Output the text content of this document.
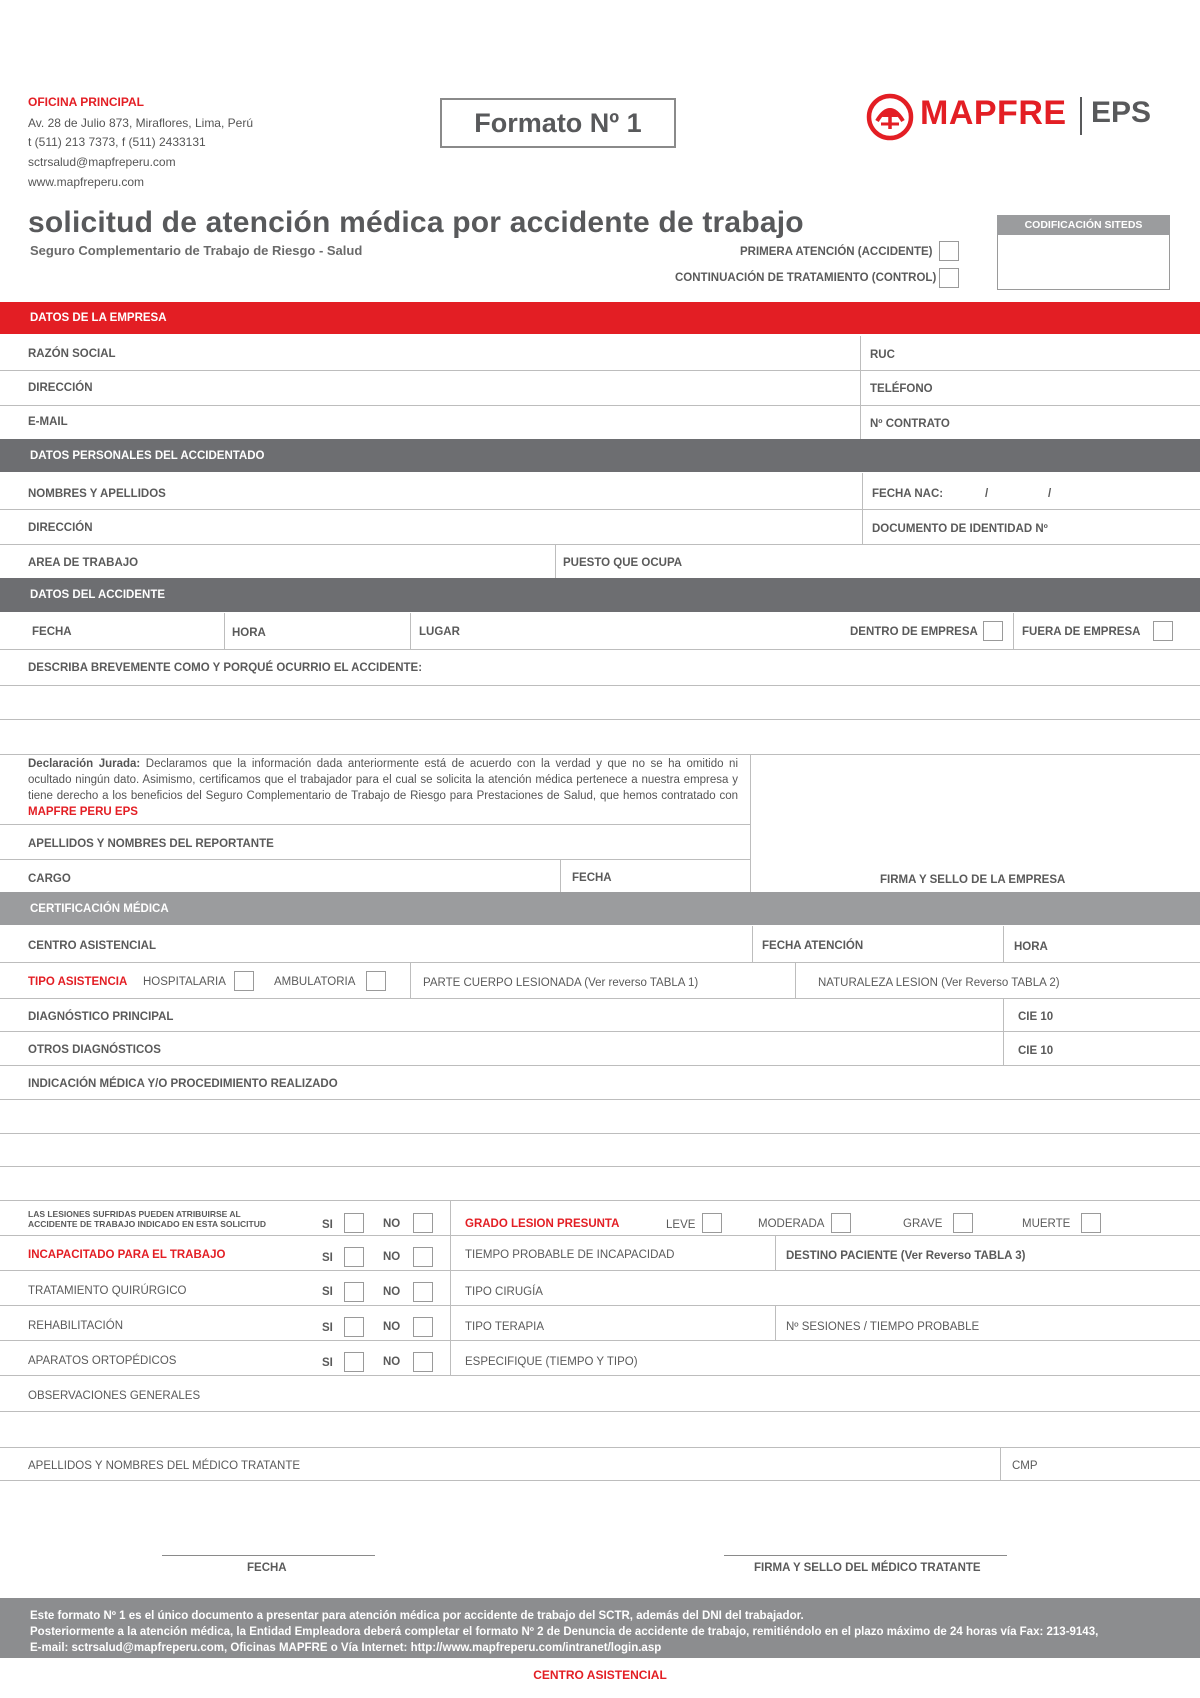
OFICINA PRINCIPAL
Av. 28 de Julio 873, Miraflores, Lima, Perú
t (511) 213 7373, f (511) 2433131
sctrsalud@mapfreperu.com
www.mapfreperu.com
Formato Nº 1	MAPFRE EPS
solicitud de atención médica por accidente de trabajo
Seguro Complementario de Trabajo de Riesgo - Salud	PRIMERA ATENCIÓN (ACCIDENTE)
CONTINUACIÓN DE TRATAMIENTO (CONTROL)
CODIFICACIÓN SITEDS
DATOS DE LA EMPRESA
RAZÓN SOCIAL	RUC
DIRECCIÓN	TELÉFONO
E-MAIL	Nº CONTRATO
DATOS PERSONALES DEL ACCIDENTADO
NOMBRES Y APELLIDOS	FECHA NAC:	/	/
DIRECCIÓN	DOCUMENTO DE IDENTIDAD Nº
AREA DE TRABAJO	PUESTO QUE OCUPA
DATOS DEL ACCIDENTE
FECHA	HORA	LUGAR	DENTRO DE EMPRESA	FUERA DE EMPRESA
DESCRIBA BREVEMENTE COMO Y PORQUÉ OCURRIO EL ACCIDENTE:
Declaración Jurada: Declaramos que la información dada anteriormente está de acuerdo con la verdad y que no se ha omitido ni ocultado ningún dato. Asimismo, certificamos que el trabajador para el cual se solicita la atención médica pertenece a nuestra empresa y tiene derecho a los beneficios del Seguro Complementario de Trabajo de Riesgo para Prestaciones de Salud, que hemos contratado con MAPFRE PERU EPS
APELLIDOS Y NOMBRES DEL REPORTANTE
CARGO	FECHA	FIRMA Y SELLO DE LA EMPRESA
CERTIFICACIÓN MÉDICA
CENTRO ASISTENCIAL	FECHA ATENCIÓN	HORA
TIPO ASISTENCIA HOSPITALARIA	AMBULATORIA	PARTE CUERPO LESIONADA (Ver reverso TABLA 1)	NATURALEZA LESION (Ver Reverso TABLA 2)
DIAGNÓSTICO PRINCIPAL	CIE 10
OTROS DIAGNÓSTICOS	CIE 10
INDICACIÓN MÉDICA Y/O PROCEDIMIENTO REALIZADO
LAS LESIONES SUFRIDAS PUEDEN ATRIBUIRSE AL
ACCIDENTE DE TRABAJO INDICADO EN ESTA SOLICITUD	SI	NO	GRADO LESION PRESUNTA	LEVE	MODERADA	GRAVE	MUERTE
INCAPACITADO PARA EL TRABAJO	SI	NO	TIEMPO PROBABLE DE INCAPACIDAD	DESTINO PACIENTE (Ver Reverso TABLA 3)
TRATAMIENTO QUIRÚRGICO	SI	NO	TIPO CIRUGÍA
REHABILITACIÓN	SI	NO	TIPO TERAPIA	Nº SESIONES / TIEMPO PROBABLE
APARATOS ORTOPÉDICOS	SI	NO	ESPECIFIQUE (TIEMPO Y TIPO)
OBSERVACIONES GENERALES
APELLIDOS Y NOMBRES DEL MÉDICO TRATANTE	CMP
FECHA	FIRMA Y SELLO DEL MÉDICO TRATANTE
Este formato Nº 1 es el único documento a presentar para atención médica por accidente de trabajo del SCTR, además del DNI del trabajador.
Posteriormente a la atención médica, la Entidad Empleadora deberá completar el formato Nº 2 de Denuncia de accidente de trabajo, remitiéndolo en el plazo máximo de 24 horas vía Fax: 213-9143,
E-mail: sctrsalud@mapfreperu.com, Oficinas MAPFRE o Vía Internet: http://www.mapfreperu.com/intranet/login.asp
CENTRO ASISTENCIAL
